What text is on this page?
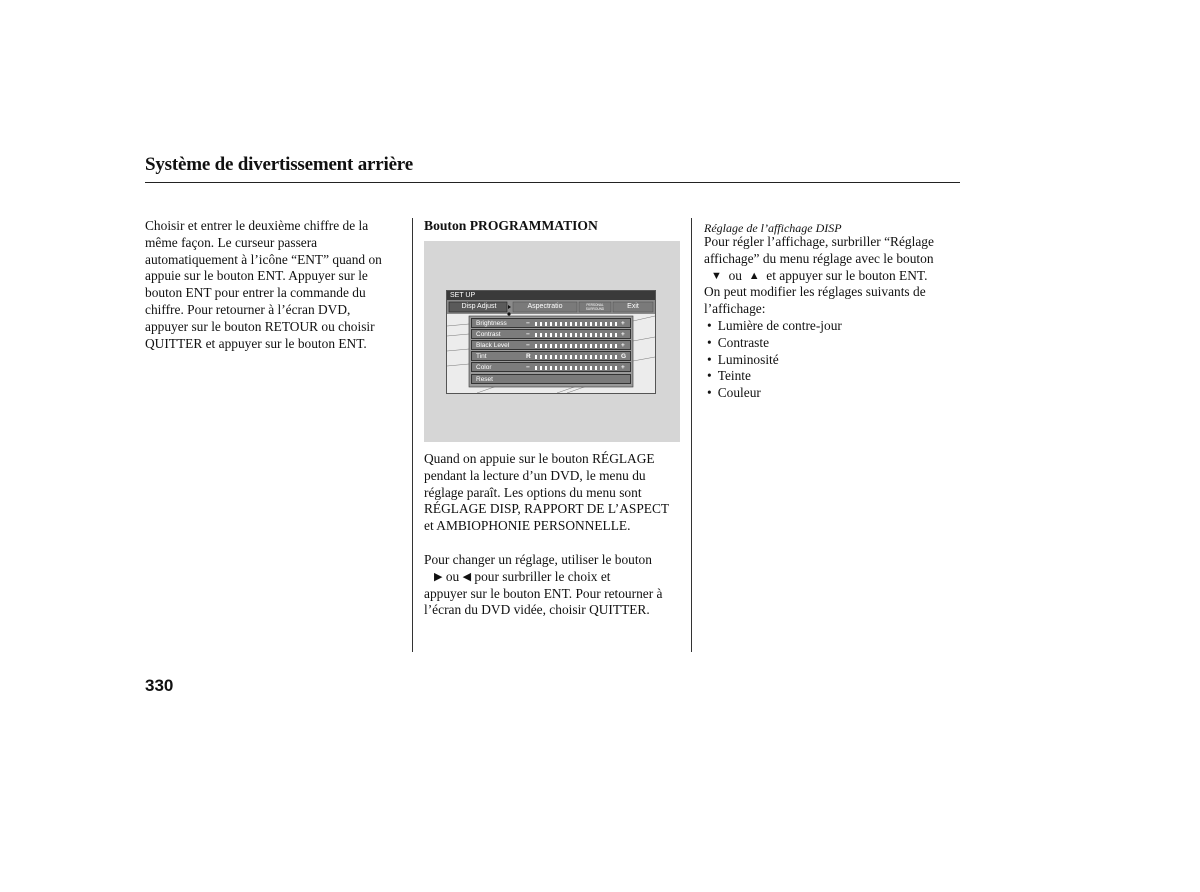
Système de divertissement arrière

Choisir et entrer le deuxième chiffre de la

même façon. Le curseur passera

automatiquement à l’icône “ENT” quand on

appuie sur le bouton ENT. Appuyer sur le

bouton ENT pour entrer la commande du

chiffre. Pour retourner à l’écran DVD,

appuyer sur le bouton RETOUR ou choisir

QUITTER et appuyer sur le bouton ENT.

Bouton PROGRAMMATION
SET UP
Disp Adjust	Aspectratio	PERSONAL SURROUND	Exit
Brightness	−	+
Contrast	−	+
Black Level	−	+
Tint	R	G
Color	−	+
Reset

Quand on appuie sur le bouton RÉGLAGE

pendant la lecture d’un DVD, le menu du

réglage paraît. Les options du menu sont

RÉGLAGE DISP, RAPPORT DE L’ASPECT

et AMBIOPHONIE PERSONNELLE.

Pour changer un réglage, utiliser le bouton

▶ ou ◀ pour surbriller le choix et

appuyer sur le bouton ENT. Pour retourner à

l’écran du DVD vidée, choisir QUITTER.

Réglage de l’affichage DISP

Pour régler l’affichage, surbriller “Réglage

affichage” du menu réglage avec le bouton

▼ ou ▲ et appuyer sur le bouton ENT.

On peut modifier les réglages suivants de

l’affichage:

• Lumière de contre-jour
• Contraste
• Luminosité
• Teinte
• Couleur
330
